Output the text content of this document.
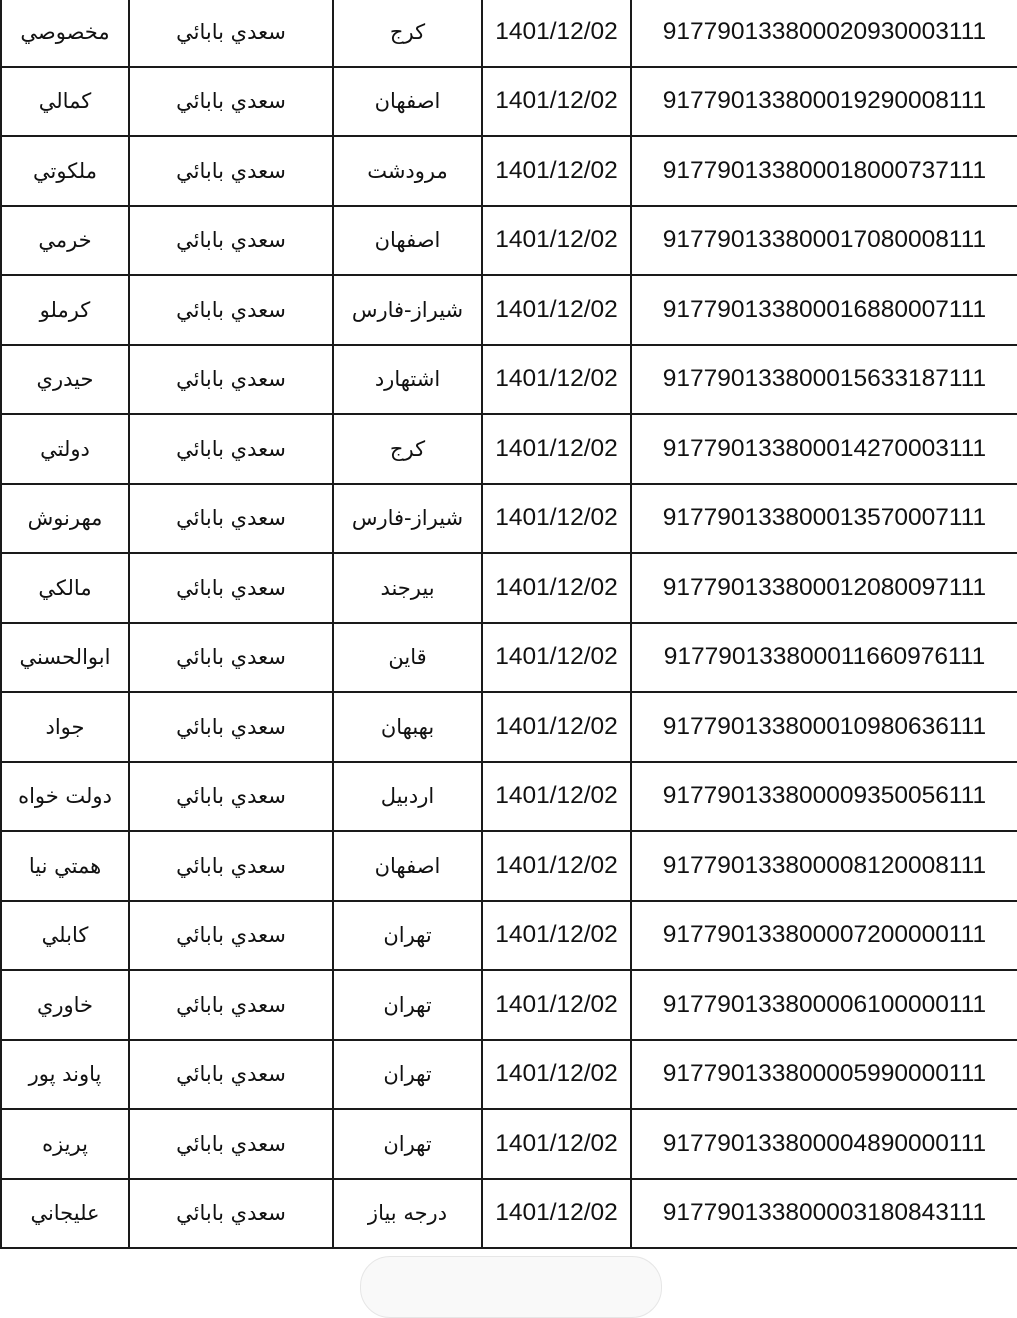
مخصوصي	سعدي بابائي	كرج	1401/12/02	917790133800020930003111
كمالي	سعدي بابائي	اصفهان	1401/12/02	917790133800019290008111
ملكوتي	سعدي بابائي	مرودشت	1401/12/02	917790133800018000737111
خرمي	سعدي بابائي	اصفهان	1401/12/02	917790133800017080008111
كرملو	سعدي بابائي	شيراز-فارس	1401/12/02	917790133800016880007111
حيدري	سعدي بابائي	اشتهارد	1401/12/02	917790133800015633187111
دولتي	سعدي بابائي	كرج	1401/12/02	917790133800014270003111
مهرنوش	سعدي بابائي	شيراز-فارس	1401/12/02	917790133800013570007111
مالكي	سعدي بابائي	بيرجند	1401/12/02	917790133800012080097111
ابوالحسني	سعدي بابائي	قاين	1401/12/02	917790133800011660976111
جواد	سعدي بابائي	بهبهان	1401/12/02	917790133800010980636111
دولت خواه	سعدي بابائي	اردبيل	1401/12/02	917790133800009350056111
همتي نيا	سعدي بابائي	اصفهان	1401/12/02	917790133800008120008111
كابلي	سعدي بابائي	تهران	1401/12/02	917790133800007200000111
خاوري	سعدي بابائي	تهران	1401/12/02	917790133800006100000111
پاوند پور	سعدي بابائي	تهران	1401/12/02	917790133800005990000111
پريزه	سعدي بابائي	تهران	1401/12/02	917790133800004890000111
عليجاني	سعدي بابائي	درجه بياز	1401/12/02	917790133800003180843111
